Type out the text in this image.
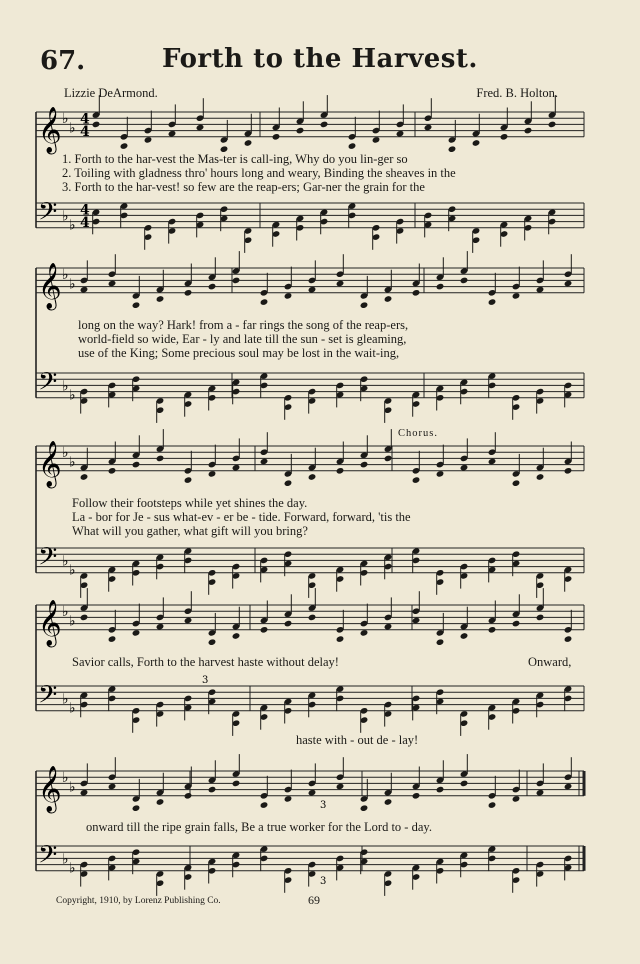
𝄞
𝄢
♭
♭
♭
♭
4
4
4
4
𝄞
𝄢
♭
♭
♭
♭
𝄞
𝄢
♭
♭
♭
♭
𝄞
𝄢
♭
♭
♭
♭
𝄞
𝄢
♭
♭
♭
♭
3
3
3
67.	Forth to the Harvest.
Lizzie DeArmond.	Fred. B. Holton.
1. Forth to the har-vest the Mas-ter is call-ing, Why do you lin-ger so
2. Toiling with gladness thro' hours long and weary, Binding the sheaves in the
3. Forth to the har-vest! so few are the reap-ers; Gar-ner the grain for the
long on the way? Hark! from a - far rings the song of the reap-ers,
world-field so wide, Ear - ly and late till the sun - set is gleaming,
use of the King; Some precious soul may be lost in the wait-ing,
Chorus.
Follow their footsteps while yet shines the day.
La - bor for Je - sus what-ev - er be - tide. Forward, forward, 'tis the
What will you gather, what gift will you bring?
Savior calls, Forth to the harvest haste without delay!	Onward,
haste with - out de - lay!
onward till the ripe grain falls, Be a true worker for the Lord to - day.
Copyright, 1910, by Lorenz Publishing Co.	69
